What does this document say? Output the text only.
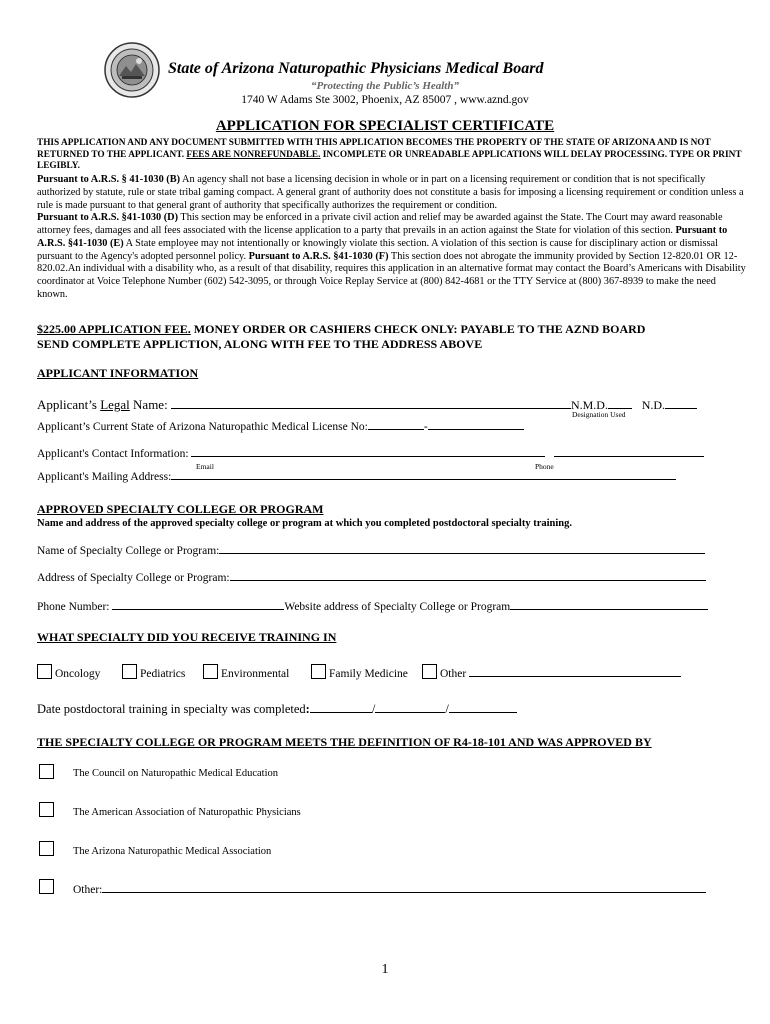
State of Arizona Naturopathic Physicians Medical Board
“Protecting the Public’s Health”
1740 W Adams Ste 3002, Phoenix, AZ 85007 , www.aznd.gov
APPLICATION FOR SPECIALIST CERTIFICATE
THIS APPLICATION AND ANY DOCUMENT SUBMITTED WITH THIS APPLICATION BECOMES THE PROPERTY OF THE STATE OF ARIZONA AND IS NOT RETURNED TO THE APPLICANT. FEES ARE NONREFUNDABLE. INCOMPLETE OR UNREADABLE APPLICATIONS WILL DELAY PROCESSING. TYPE OR PRINT LEGIBLY.
Pursuant to A.R.S. § 41-1030 (B) An agency shall not base a licensing decision in whole or in part on a licensing requirement or condition that is not specifically authorized by statute, rule or state tribal gaming compact. A general grant of authority does not constitute a basis for imposing a licensing requirement or condition unless a rule is made pursuant to that general grant of authority that specifically authorizes the requirement or condition.
Pursuant to A.R.S. §41-1030 (D) This section may be enforced in a private civil action and relief may be awarded against the State. The Court may award reasonable attorney fees, damages and all fees associated with the license application to a party that prevails in an action against the State for violation of this section. Pursuant to A.R.S. §41-1030 (E) A State employee may not intentionally or knowingly violate this section. A violation of this section is cause for disciplinary action or dismissal pursuant to the Agency's adopted personnel policy. Pursuant to A.R.S. §41-1030 (F) This section does not abrogate the immunity provided by Section 12-820.01 OR 12-820.02.An individual with a disability who, as a result of that disability, requires this application in an alternative format may contact the Board’s Americans with Disability coordinator at Voice Telephone Number (602) 542-3095, or through Voice Replay Service at (800) 842-4681 or the TTY Service at (800) 367-8939 to make the need known.
$225.00 APPLICATION FEE. MONEY ORDER OR CASHIERS CHECK ONLY: PAYABLE TO THE AZND BOARD
SEND COMPLETE APPLICTION, ALONG WITH FEE TO THE ADDRESS ABOVE
APPLICANT INFORMATION
Applicant’s Legal Name:	N.M.D.	N.D.
Designation Used
Applicant’s Current State of Arizona Naturopathic Medical License No:	-
Applicant's Contact Information:
Email	Phone
Applicant's Mailing Address:
APPROVED SPECIALTY COLLEGE OR PROGRAM
Name and address of the approved specialty college or program at which you completed postdoctoral specialty training.
Name of Specialty College or Program:
Address of Specialty College or Program:
Phone Number:	Website address of Specialty College or Program
WHAT SPECIALTY DID YOU RECEIVE TRAINING IN
Oncology	Pediatrics	Environmental	Family Medicine	Other
Date postdoctoral training in specialty was completed:	/	/
THE SPECIALTY COLLEGE OR PROGRAM MEETS THE DEFINITION OF R4-18-101 AND WAS APPROVED BY
The Council on Naturopathic Medical Education
The American Association of Naturopathic Physicians
The Arizona Naturopathic Medical Association
Other:
1
